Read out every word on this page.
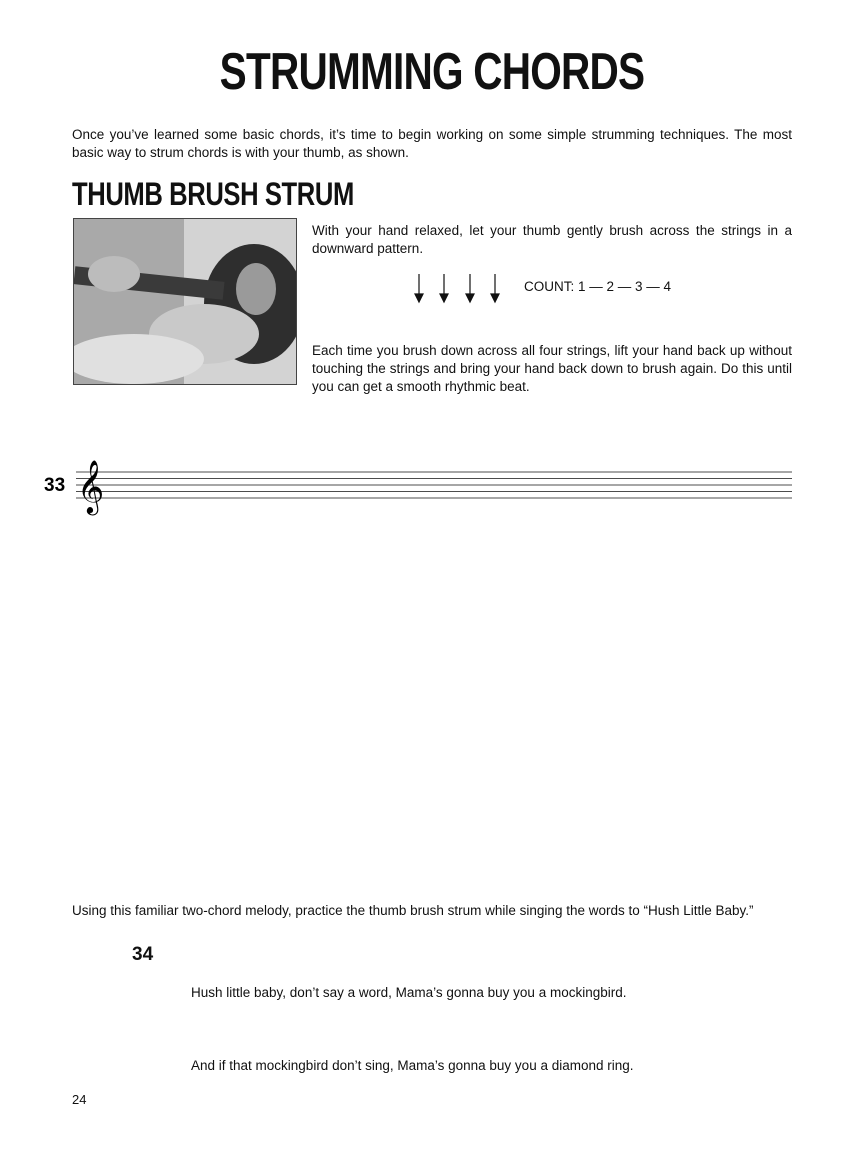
STRUMMING CHORDS

Once you’ve learned some basic chords, it’s time to begin working on some simple strumming techniques. The most basic way to strum chords is with your thumb, as shown.

THUMB BRUSH STRUM

With your hand relaxed, let your thumb gently brush across the strings in a downward pattern.

COUNT: 1 — 2 — 3 — 4

Each time you brush down across all four strings, lift your hand back up without touching the strings and bring your hand back down to brush again. Do this until you can get a smooth rhythmic beat.

𝄞
33

Using this familiar two-chord melody, practice the thumb brush strum while singing the words to “Hush Little Baby.”

34
Hush little baby, don’t say a word, Mama’s gonna buy you a mockingbird.
And if that mockingbird don’t sing, Mama’s gonna buy you a diamond ring.
24
